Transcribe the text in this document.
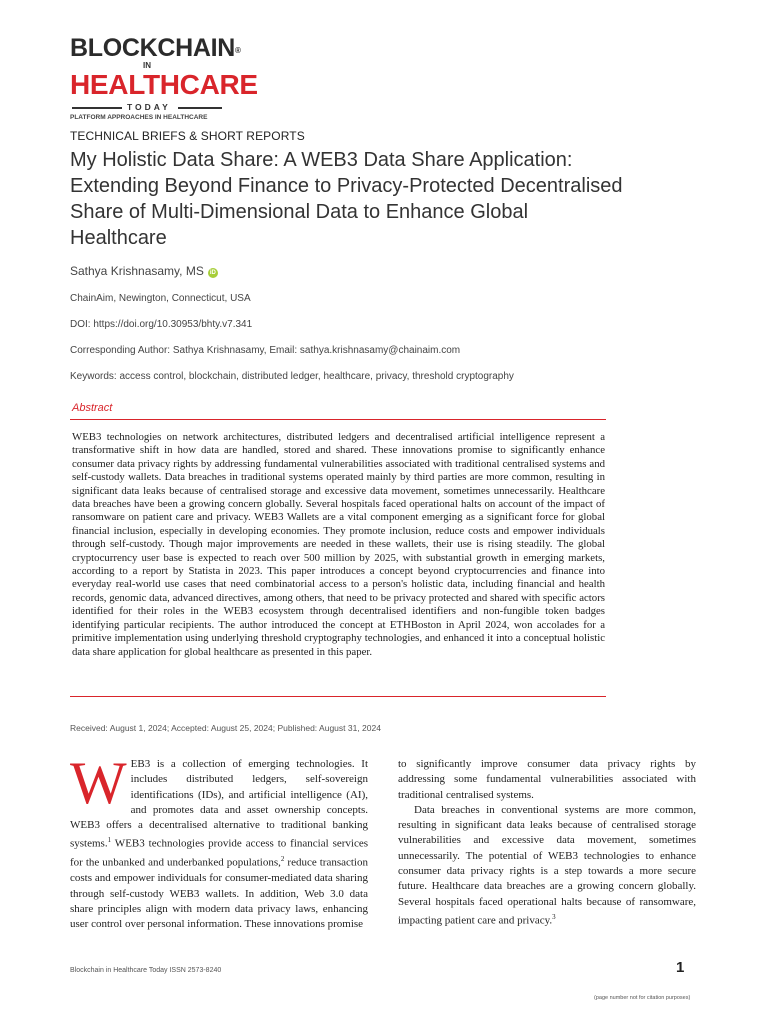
BLOCKCHAIN®
IN
HEALTHCARE
TODAY
PLATFORM APPROACHES IN HEALTHCARE
TECHNICAL BRIEFS & SHORT REPORTS
My Holistic Data Share: A WEB3 Data Share Application: Extending Beyond Finance to Privacy-Protected Decentralised Share of Multi-Dimensional Data to Enhance Global Healthcare
Sathya Krishnasamy, MS iD
ChainAim, Newington, Connecticut, USA
DOI: https://doi.org/10.30953/bhty.v7.341
Corresponding Author: Sathya Krishnasamy, Email: sathya.krishnasamy@chainaim.com
Keywords: access control, blockchain, distributed ledger, healthcare, privacy, threshold cryptography
Abstract

WEB3 technologies on network architectures, distributed ledgers and decentralised artificial intelligence represent a transformative shift in how data are handled, stored and shared. These innovations promise to significantly enhance consumer data privacy rights by addressing fundamental vulnerabilities associated with traditional centralised systems and self-custody wallets. Data breaches in traditional systems operated mainly by third parties are more common, resulting in significant data leaks because of centralised storage and excessive data movement, sometimes unnecessarily. Healthcare data breaches have been a growing concern globally. Several hospitals faced operational halts on account of the impact of ransomware on patient care and privacy. WEB3 Wallets are a vital component emerging as a significant force for global financial inclusion, especially in developing economies. They promote inclusion, reduce costs and empower individuals through self-custody. Though major improvements are needed in these wallets, their use is rising steadily. The global cryptocurrency user base is expected to reach over 500 million by 2025, with substantial growth in emerging markets, according to a report by Statista in 2023. This paper introduces a concept beyond cryptocurrencies and finance into everyday real-world use cases that need combinatorial access to a person's holistic data, including financial and health records, genomic data, advanced directives, among others, that need to be privacy protected and shared with specific actors identified for their roles in the WEB3 ecosystem through decentralised identifiers and non-fungible token badges identifying particular recipients. The author introduced the concept at ETHBoston in April 2024, won accolades for a primitive implementation using underlying threshold cryptography technologies, and enhanced it into a conceptual holistic data share application for global healthcare as presented in this paper.

Received: August 1, 2024; Accepted: August 25, 2024; Published: August 31, 2024

WEB3 is a collection of emerging technologies. It includes distributed ledgers, self-sovereign identifications (IDs), and artificial intelligence (AI), and promotes data and asset ownership concepts. WEB3 offers a decentralised alternative to traditional banking systems.$^1$ WEB3 technologies provide access to financial services for the unbanked and underbanked populations,$^2$ reduce transaction costs and empower individuals for consumer-mediated data sharing through self-custody WEB3 wallets. In addition, Web 3.0 data share principles align with modern data privacy laws, enhancing user control over personal information. These innovations promise

to significantly improve consumer data privacy rights by addressing some fundamental vulnerabilities associated with traditional centralised systems.

Data breaches in conventional systems are more common, resulting in significant data leaks because of centralised storage vulnerabilities and excessive data movement, sometimes unnecessarily. The potential of WEB3 technologies to enhance consumer data privacy rights is a step towards a more secure future. Healthcare data breaches are a growing concern globally. Several hospitals faced operational halts because of ransomware, impacting patient care and privacy.$^3$

Blockchain in Healthcare Today ISSN 2573-8240	1
(page number not for citation purposes)
